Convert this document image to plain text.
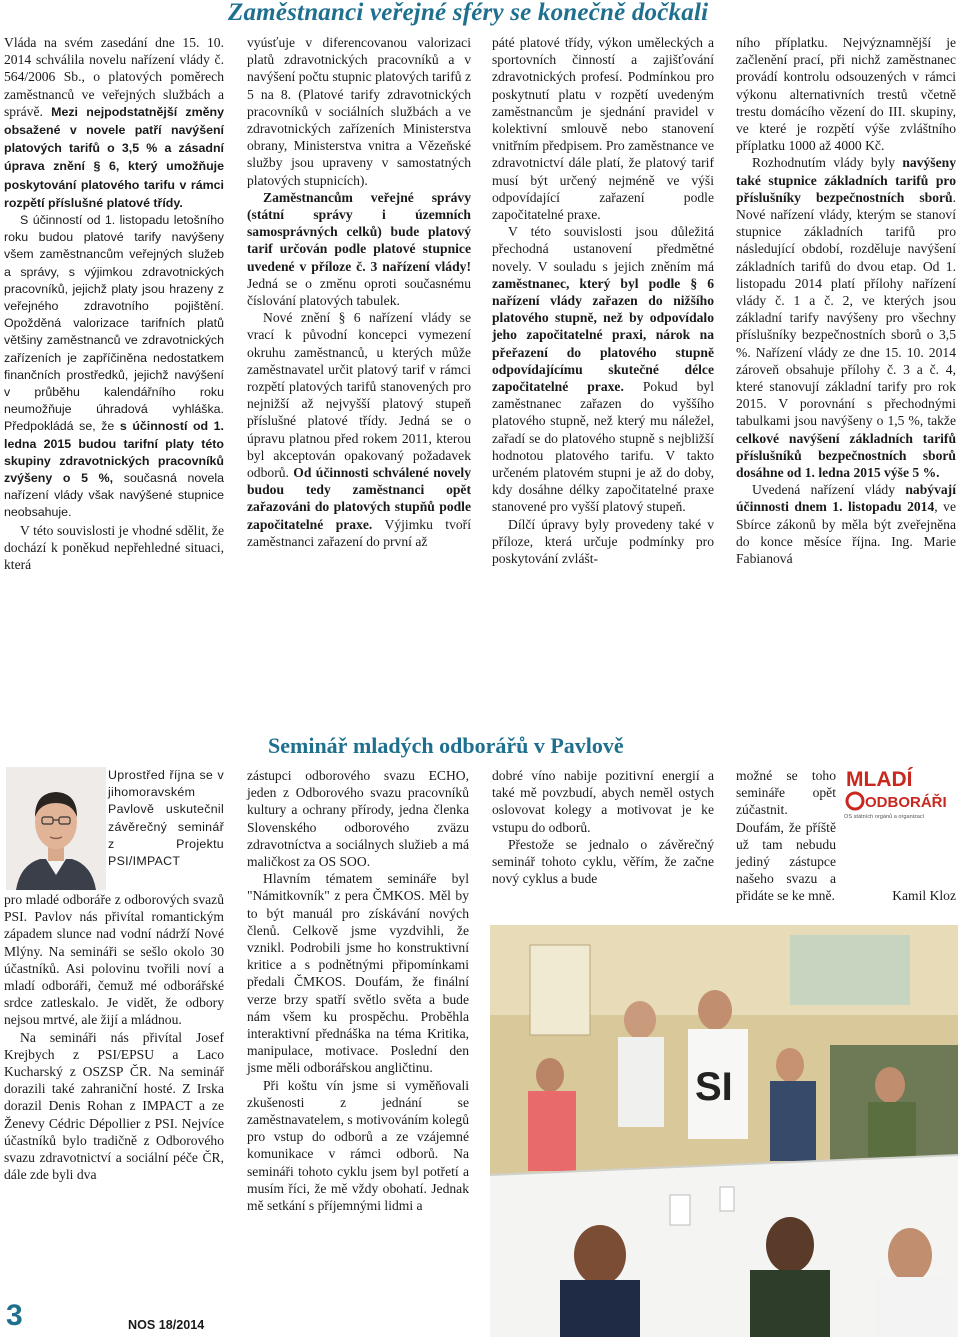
Zaměstnanci veřejné sféry se konečně dočkali

Vláda na svém zasedání dne 15. 10. 2014 schválila novelu nařízení vlády č. 564/2006 Sb., o platových poměrech zaměstnanců ve veřejných službách a správě. Mezi nejpodstatnější změny obsažené v novele patří navýšení platových tarifů o 3,5 % a zásadní úprava znění § 6, který umožňuje poskytování platového tarifu v rámci rozpětí příslušné platové třídy.

S účinností od 1. listopadu letošního roku budou platové tarify navýšeny všem zaměstnancům veřejných služeb a správy, s výjimkou zdravotnických pracovníků, jejichž platy jsou hrazeny z veřejného zdravotního pojištění. Opožděná valorizace tarifních platů většiny zaměstnanců ve zdravotnických zařízeních je zapříčiněna nedostatkem finančních prostředků, jejichž navýšení v průběhu kalendářního roku neumožňuje úhradová vyhláška. Předpokládá se, že s účinností od 1. ledna 2015 budou tarifní platy této skupiny zdravotnických pracovníků zvýšeny o 5 %, současná novela nařízení vlády však navýšené stupnice neobsahuje.

V této souvislosti je vhodné sdělit, že dochází k poněkud nepřehledné situaci, která

vyúsťuje v diferencovanou valorizaci platů zdravotnických pracovníků a v navýšení počtu stupnic platových tarifů z 5 na 8. (Platové tarify zdravotnických pracovníků v sociálních službách a ve zdravotnických zařízeních Ministerstva obrany, Ministerstva vnitra a Vězeňské služby jsou upraveny v samostatných platových stupnicích).

Zaměstnancům veřejné správy (státní správy i územních samosprávných celků) bude platový tarif určován podle platové stupnice uvedené v příloze č. 3 nařízení vlády! Jedná se o změnu oproti současnému číslování platových tabulek.

Nové znění § 6 nařízení vlády se vrací k původní koncepci vymezení okruhu zaměstnanců, u kterých může zaměstnavatel určit platový tarif v rámci rozpětí platových tarifů stanovených pro nejnižší až nejvyšší platový stupeň příslušné platové třídy. Jedná se o úpravu platnou před rokem 2011, kterou byl akceptován opakovaný požadavek odborů. Od účinnosti schválené novely budou tedy zaměstnanci opět zařazováni do platových stupňů podle započitatelné praxe. Výjimku tvoří zaměstnanci zařazení do první až

páté platové třídy, výkon uměleckých a sportovních činností a zajišťování zdravotnických profesí. Podmínkou pro poskytnutí platu v rozpětí uvedeným zaměstnancům je sjednání pravidel v kolektivní smlouvě nebo stanovení vnitřním předpisem. Pro zaměstnance ve zdravotnictví dále platí, že platový tarif musí být určený nejméně ve výši odpovídající zařazení podle započitatelné praxe.

V této souvislosti jsou důležitá přechodná ustanovení předmětné novely. V souladu s jejich zněním má zaměstnanec, který byl podle § 6 nařízení vlády zařazen do nižšího platového stupně, než by odpovídalo jeho započitatelné praxi, nárok na přeřazení do platového stupně odpovídajícímu skutečné délce započitatelné praxe. Pokud byl zaměstnanec zařazen do vyššího platového stupně, než který mu náležel, zařadí se do platového stupně s nejbližší hodnotou platového tarifu. V takto určeném platovém stupni je až do doby, kdy dosáhne délky započitatelné praxe stanovené pro vyšší platový stupeň.

Dílčí úpravy byly provedeny také v příloze, která určuje podmínky pro poskytování zvlášt-

ního příplatku. Nejvýznamnější je začlenění prací, při nichž zaměstnanec provádí kontrolu odsouzených v rámci výkonu alternativních trestů včetně trestu domácího vězení do III. skupiny, ve které je rozpětí výše zvláštního příplatku 1000 až 4000 Kč.

Rozhodnutím vlády byly navýšeny také stupnice základních tarifů pro příslušníky bezpečnostních sborů. Nové nařízení vlády, kterým se stanoví stupnice základních tarifů pro následující období, rozděluje navýšení základních tarifů do dvou etap. Od 1. listopadu 2014 platí přílohy nařízení vlády č. 1 a č. 2, ve kterých jsou základní tarify navýšeny pro všechny příslušníky bezpečnostních sborů o 3,5 %. Nařízení vlády ze dne 15. 10. 2014 zároveň obsahuje přílohy č. 3 a č. 4, které stanovují základní tarify pro rok 2015. V porovnání s přechodnými tabulkami jsou navýšeny o 1,5 %, takže celkové navýšení základních tarifů příslušníků bezpečnostních sborů dosáhne od 1. ledna 2015 výše 5 %.

Uvedená nařízení vlády nabývají účinnosti dnem 1. listopadu 2014, ve Sbírce zákonů by měla být zveřejněna do konce měsíce října. Ing. Marie Fabianová

Seminář mladých odborářů v Pavlově

Uprostřed října se v jihomoravském Pavlově uskutečnil závěrečný seminář z Projektu PSI/IMPACT

pro mladé odboráře z odborových svazů PSI. Pavlov nás přivítal romantickým západem slunce nad vodní nádrží Nové Mlýny. Na semináři se sešlo okolo 30 účastníků. Asi polovinu tvořili noví a mladí odboráři, čemuž mé odborářské srdce zatleskalo. Je vidět, že odbory nejsou mrtvé, ale žijí a mládnou.

Na semináři nás přivítal Josef Krejbych z PSI/EPSU a Laco Kucharský z OSZSP ČR. Na seminář dorazili také zahraniční hosté. Z Irska dorazil Denis Rohan z IMPACT a ze Ženevy Cédric Dépollier z PSI. Nejvíce účastníků bylo tradičně z Odborového svazu zdravotnictví a sociální péče ČR, dále zde byli dva

zástupci odborového svazu ECHO, jeden z Odborového svazu pracovníků kultury a ochrany přírody, jedna členka Slovenského odborového zväzu zdravotníctva a sociálnych služieb a má maličkost za OS SOO.

Hlavním tématem semináře byl "Námitkovník" z pera ČMKOS. Měl by to být manuál pro získávání nových členů. Celkově jsme vyzdvihli, že vznikl. Podrobili jsme ho konstruktivní kritice a s podnětnými připomínkami předali ČMKOS. Doufám, že finální verze brzy spatří světlo světa a bude nám všem ku prospěchu. Proběhla interaktivní přednáška na téma Kritika, manipulace, motivace. Poslední den jsme měli odborářskou angličtinu.

Při koštu vín jsme si vyměňovali zkušenosti z jednání se zaměstnavatelem, s motivováním kolegů pro vstup do odborů a ze vzájemné komunikace v rámci odborů. Na semináři tohoto cyklu jsem byl potřetí a musím říci, že mě vždy obohatí. Jednak mě setkání s příjemnými lidmi a

dobré víno nabije pozitivní energií a také mě povzbudí, abych neměl ostych oslovovat kolegy a motivovat je ke vstupu do odborů.

Přestože se jednalo o závěrečný seminář tohoto cyklu, věřím, že začne nový cyklus a bude

možné se toho semináře opět zúčastnit. Doufám, že příště už tam nebudu jediný zástupce našeho svazu a přidáte se ke mně.	Kamil Kloz

MLADÍ
ODBORÁŘI
OS státních orgánů a organizací
SI
3	NOS 18/2014
